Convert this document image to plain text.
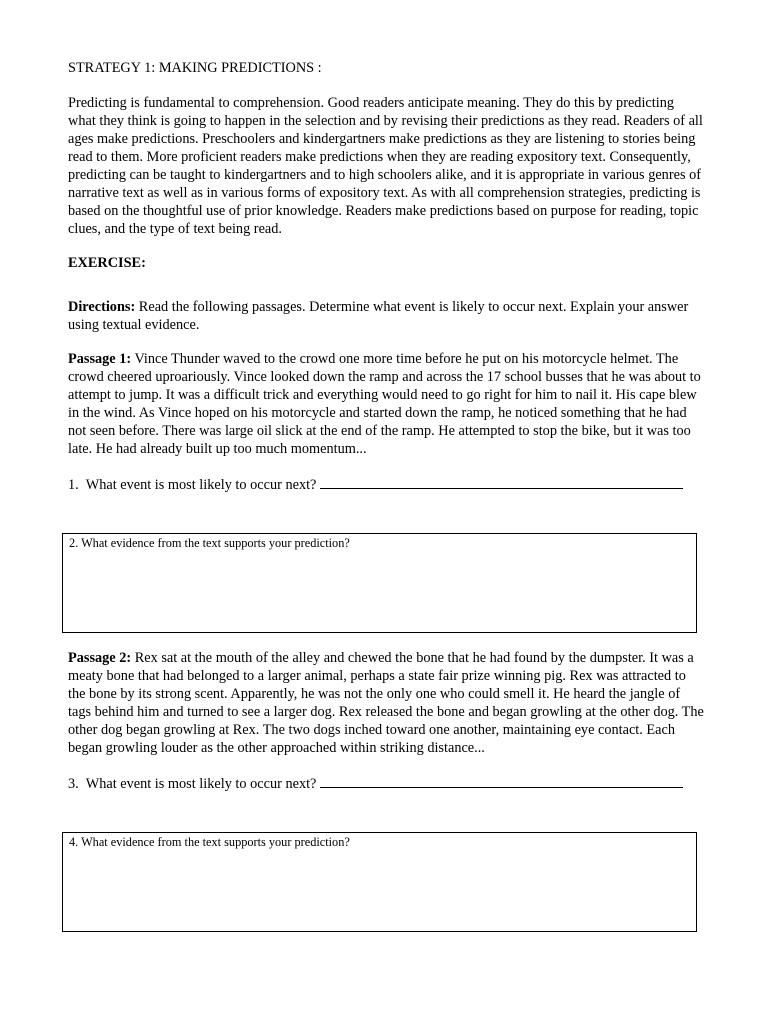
STRATEGY 1: MAKING PREDICTIONS :

Predicting is fundamental to comprehension. Good readers anticipate meaning. They do this by predicting what they think is going to happen in the selection and by revising their predictions as they read. Readers of all ages make predictions. Preschoolers and kindergartners make predictions as they are listening to stories being read to them. More proficient readers make predictions when they are reading expository text. Consequently, predicting can be taught to kindergartners and to high schoolers alike, and it is appropriate in various genres of narrative text as well as in various forms of expository text. As with all comprehension strategies, predicting is based on the thoughtful use of prior knowledge. Readers make predictions based on purpose for reading, topic clues, and the type of text being read.

EXERCISE:

Directions: Read the following passages. Determine what event is likely to occur next. Explain your answer using textual evidence.

Passage 1: Vince Thunder waved to the crowd one more time before he put on his motorcycle helmet. The crowd cheered uproariously. Vince looked down the ramp and across the 17 school busses that he was about to attempt to jump. It was a difficult trick and everything would need to go right for him to nail it. His cape blew in the wind. As Vince hoped on his motorcycle and started down the ramp, he noticed something that he had not seen before. There was large oil slick at the end of the ramp. He attempted to stop the bike, but it was too late. He had already built up too much momentum...

1. What event is most likely to occur next?
2. What evidence from the text supports your prediction?

Passage 2: Rex sat at the mouth of the alley and chewed the bone that he had found by the dumpster. It was a meaty bone that had belonged to a larger animal, perhaps a state fair prize winning pig. Rex was attracted to the bone by its strong scent. Apparently, he was not the only one who could smell it. He heard the jangle of tags behind him and turned to see a larger dog. Rex released the bone and began growling at the other dog. The other dog began growling at Rex. The two dogs inched toward one another, maintaining eye contact. Each began growling louder as the other approached within striking distance...

3. What event is most likely to occur next?
4. What evidence from the text supports your prediction?
